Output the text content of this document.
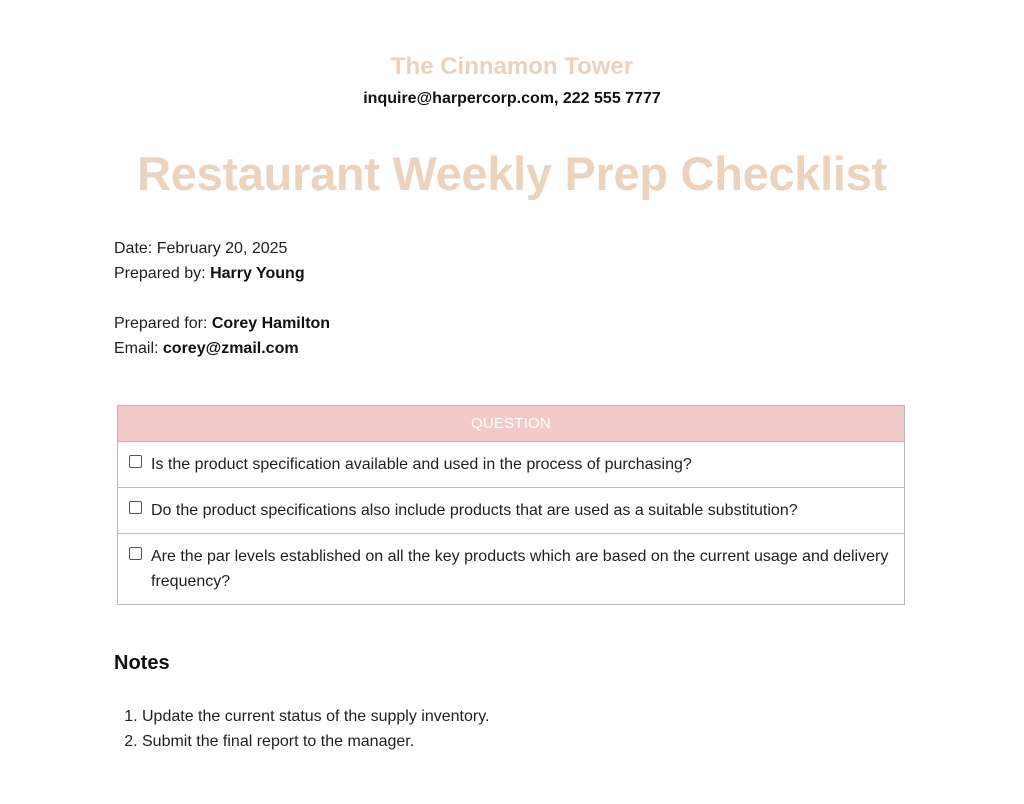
The Cinnamon Tower
inquire@harpercorp.com, 222 555 7777
Restaurant Weekly Prep Checklist
Date: February 20, 2025
Prepared by: Harry Young
Prepared for: Corey Hamilton
Email: corey@zmail.com
QUESTION

Is the product specification available and used in the process of purchasing?

Do the product specifications also include products that are used as a suitable substitution?

Are the par levels established on all the key products which are based on the current usage and delivery frequency?
Notes
1. Update the current status of the supply inventory.
2. Submit the final report to the manager.
